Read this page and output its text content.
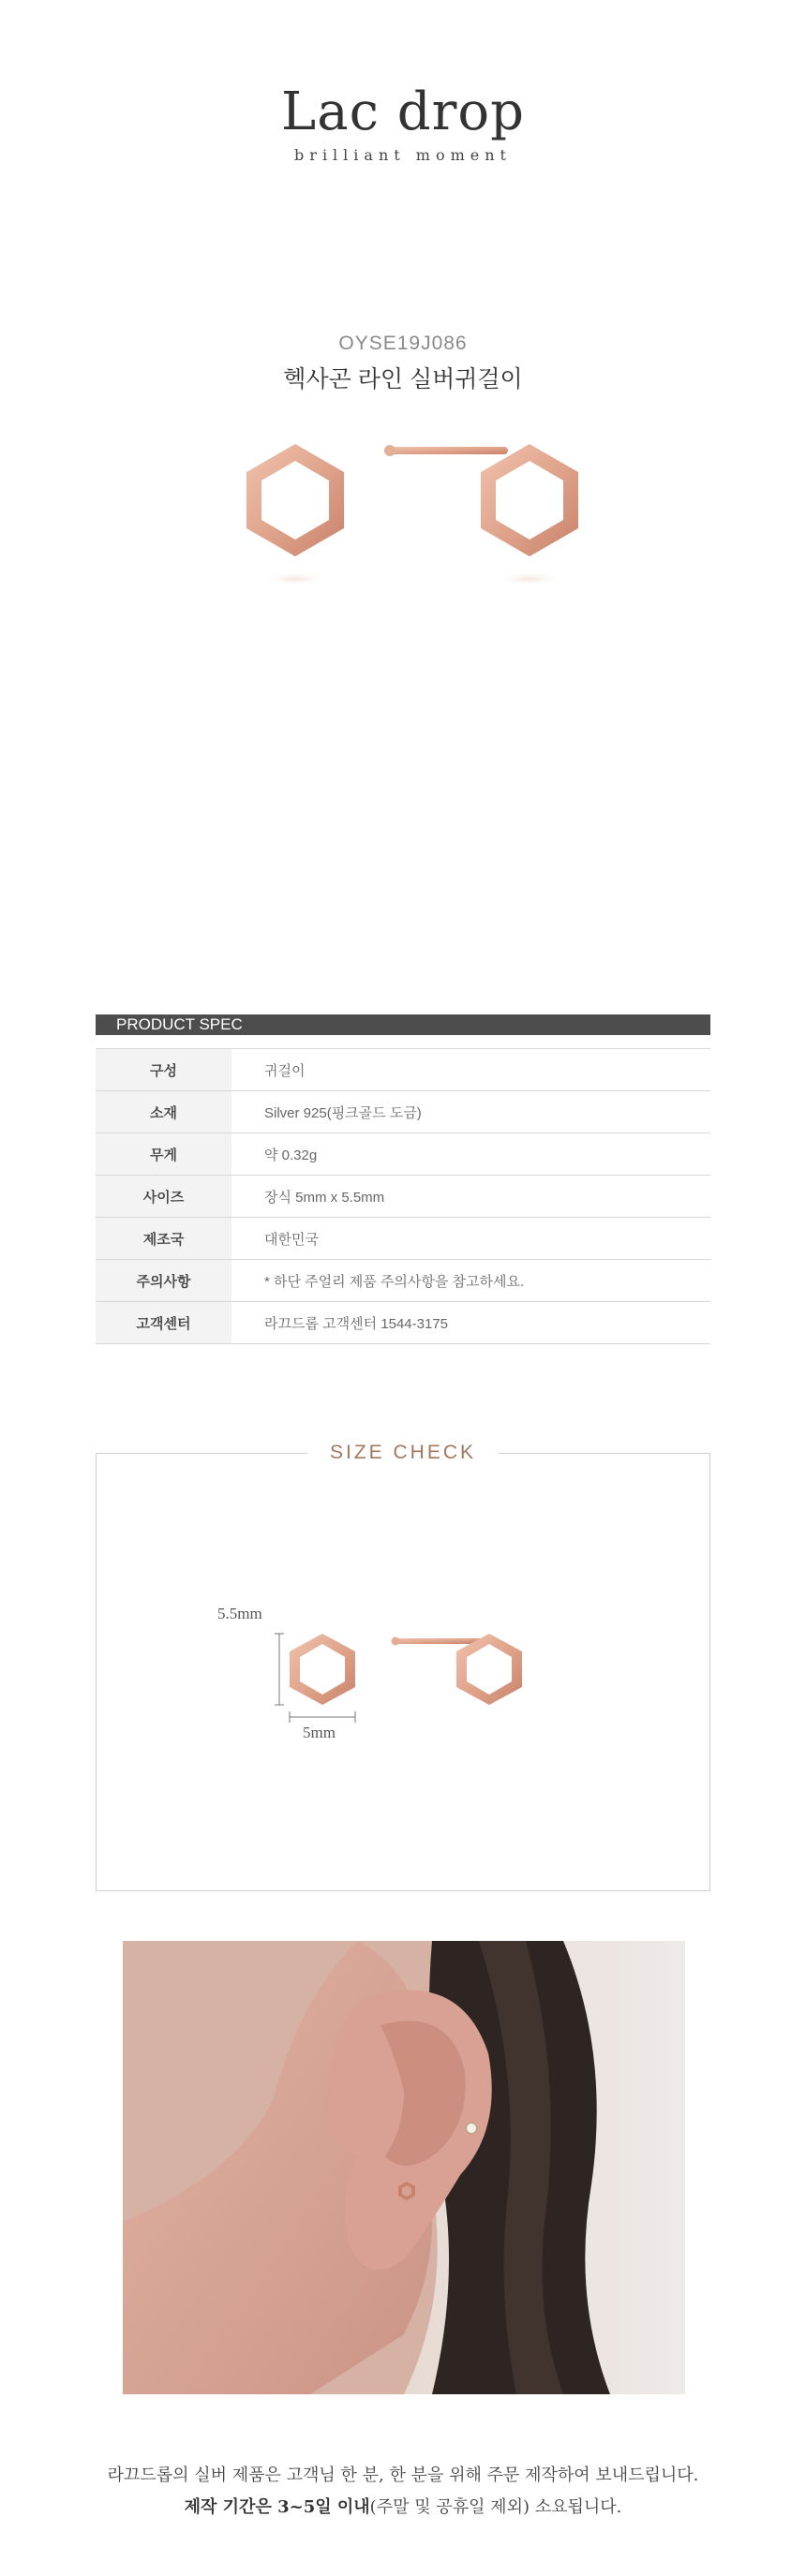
Lac drop
brilliant moment
OYSE19J086
헥사곤 라인 실버귀걸이
PRODUCT SPEC
구성	귀걸이
소재	Silver 925(핑크골드 도금)
무게	약 0.32g
사이즈	장식 5mm x 5.5mm
제조국	대한민국
주의사항	* 하단 주얼리 제품 주의사항을 참고하세요.
고객센터	라끄드롭 고객센터 1544-3175
SIZE CHECK
5.5mm
5mm
라끄드롭의 실버 제품은 고객님 한 분, 한 분을 위해 주문 제작하여 보내드립니다.
제작 기간은 3~5일 이내(주말 및 공휴일 제외) 소요됩니다.
